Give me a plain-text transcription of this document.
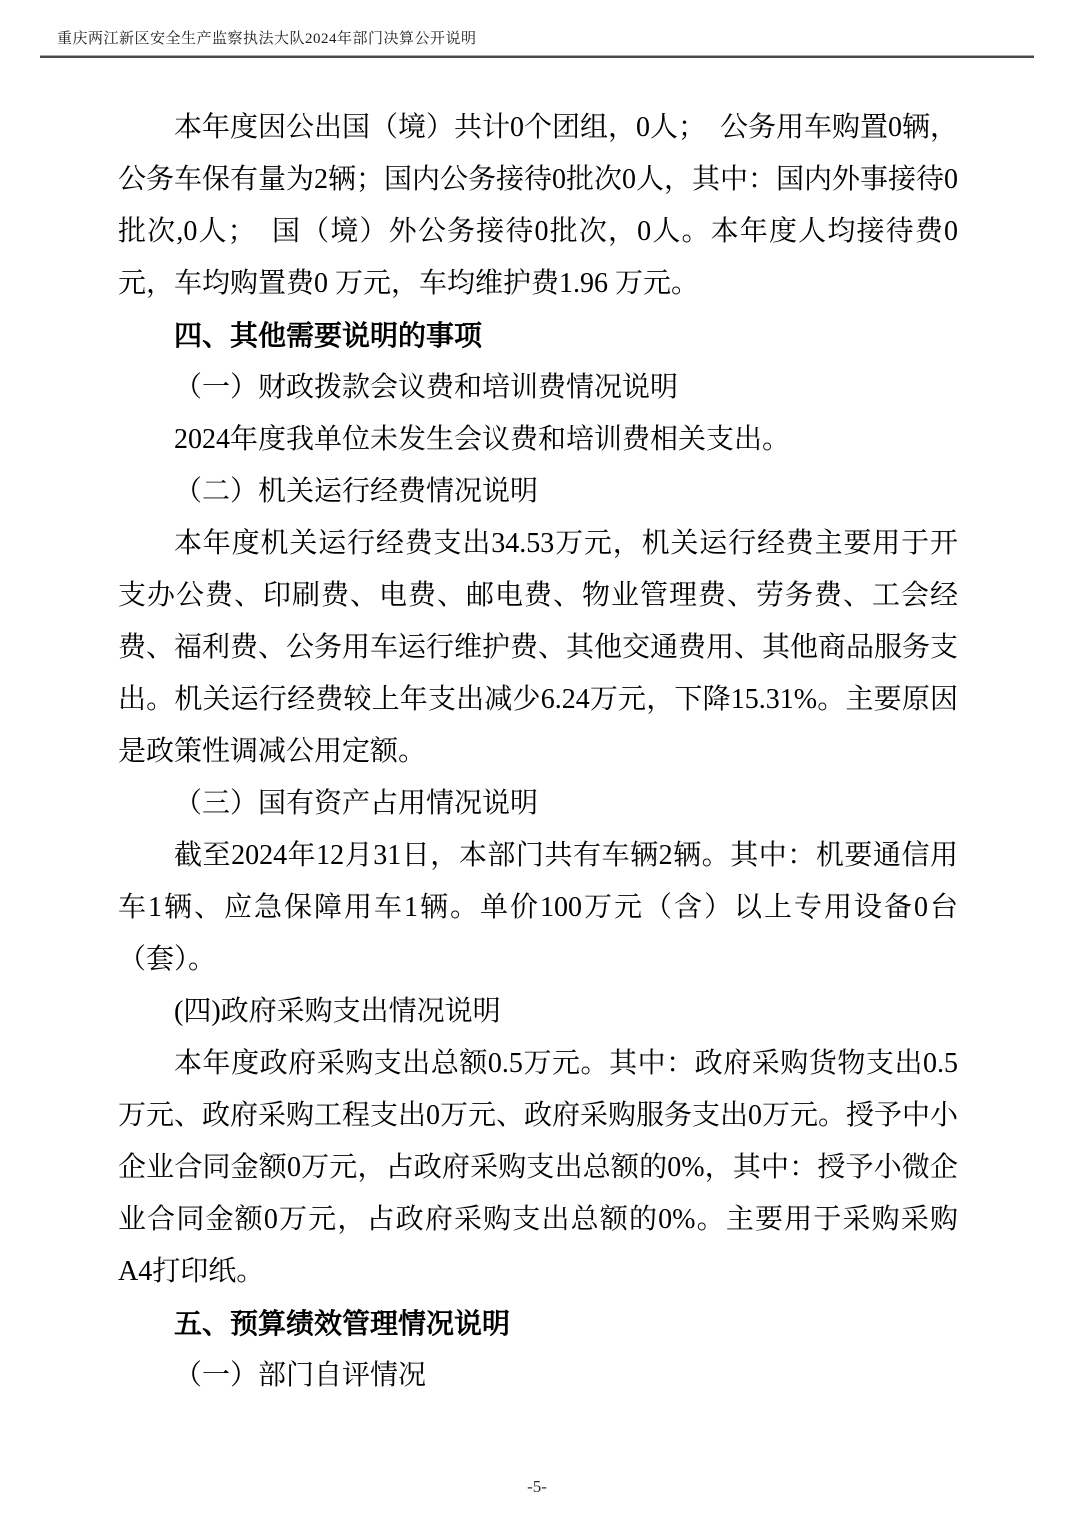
重庆两江新区安全生产监察执法大队2024年部门决算公开说明

本年度因公出国（境）共计0个团组，0人；　公务用车购置0辆，公务车保有量为2辆；国内公务接待0批次0人，其中：国内外事接待0批次,0人；　国（境）外公务接待0批次，0人。本年度人均接待费0元，车均购置费0 万元，车均维护费1.96 万元。

四、其他需要说明的事项

（一）财政拨款会议费和培训费情况说明

2024年度我单位未发生会议费和培训费相关支出。

（二）机关运行经费情况说明

本年度机关运行经费支出34.53万元，机关运行经费主要用于开支办公费、印刷费、电费、邮电费、物业管理费、劳务费、工会经费、福利费、公务用车运行维护费、其他交通费用、其他商品服务支出。机关运行经费较上年支出减少6.24万元，下降15.31%。主要原因是政策性调减公用定额。

（三）国有资产占用情况说明

截至2024年12月31日，本部门共有车辆2辆。其中：机要通信用车1辆、应急保障用车1辆。单价100万元（含）以上专用设备0台（套）。

(四)政府采购支出情况说明

本年度政府采购支出总额0.5万元。其中：政府采购货物支出0.5万元、政府采购工程支出0万元、政府采购服务支出0万元。授予中小企业合同金额0万元，占政府采购支出总额的0%，其中：授予小微企业合同金额0万元，占政府采购支出总额的0%。主要用于采购采购A4打印纸。

五、预算绩效管理情况说明

（一）部门自评情况

-5-
